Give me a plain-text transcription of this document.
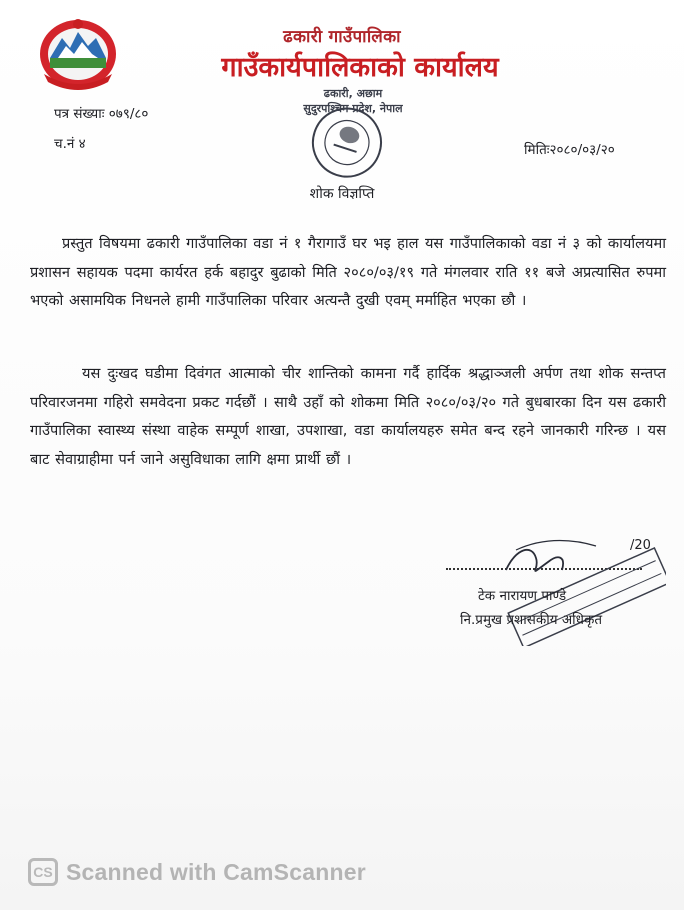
ढकारी गाउँपालिका
गाउँकार्यपालिकाको कार्यालय
पत्र संख्याः ०७९/८०
च.नं ४	मितिः२०८०/०३/२०
ढकारी, अछाम
सुदुरपश्चिम प्रदेश, नेपाल
शोक विज्ञप्ति

प्रस्तुत विषयमा ढकारी गाउँपालिका वडा नं १ गैरागाउँ घर भइ हाल यस गाउँपालिकाको वडा नं ३ को कार्यालयमा प्रशासन सहायक पदमा कार्यरत हर्क बहादुर बुढाको मिति २०८०/०३/१९ गते मंगलवार राति ११ बजे अप्रत्यासित रुपमा भएको असामयिक निधनले हामी गाउँपालिका परिवार अत्यन्तै दुखी एवम् मर्माहित भएका छौ ।

यस दुःखद घडीमा दिवंगत आत्माको चीर शान्तिको कामना गर्दै हार्दिक श्रद्धाञ्जली अर्पण तथा शोक सन्तप्त परिवारजनमा गहिरो समवेदना प्रकट गर्दछौं । साथै उहाँ को शोकमा मिति २०८०/०३/२० गते बुधबारका दिन यस ढकारी गाउँपालिका स्वास्थ्य संस्था वाहेक सम्पूर्ण शाखा, उपशाखा, वडा कार्यालयहरु समेत बन्द रहने जानकारी गरिन्छ । यस बाट सेवाग्राहीमा पर्न जाने असुविधाका लागि क्षमा प्रार्थी छौं ।

/20
टेक नारायण पाण्डे
नि.प्रमुख प्रशासकीय अधिकृत
CS Scanned with CamScanner
